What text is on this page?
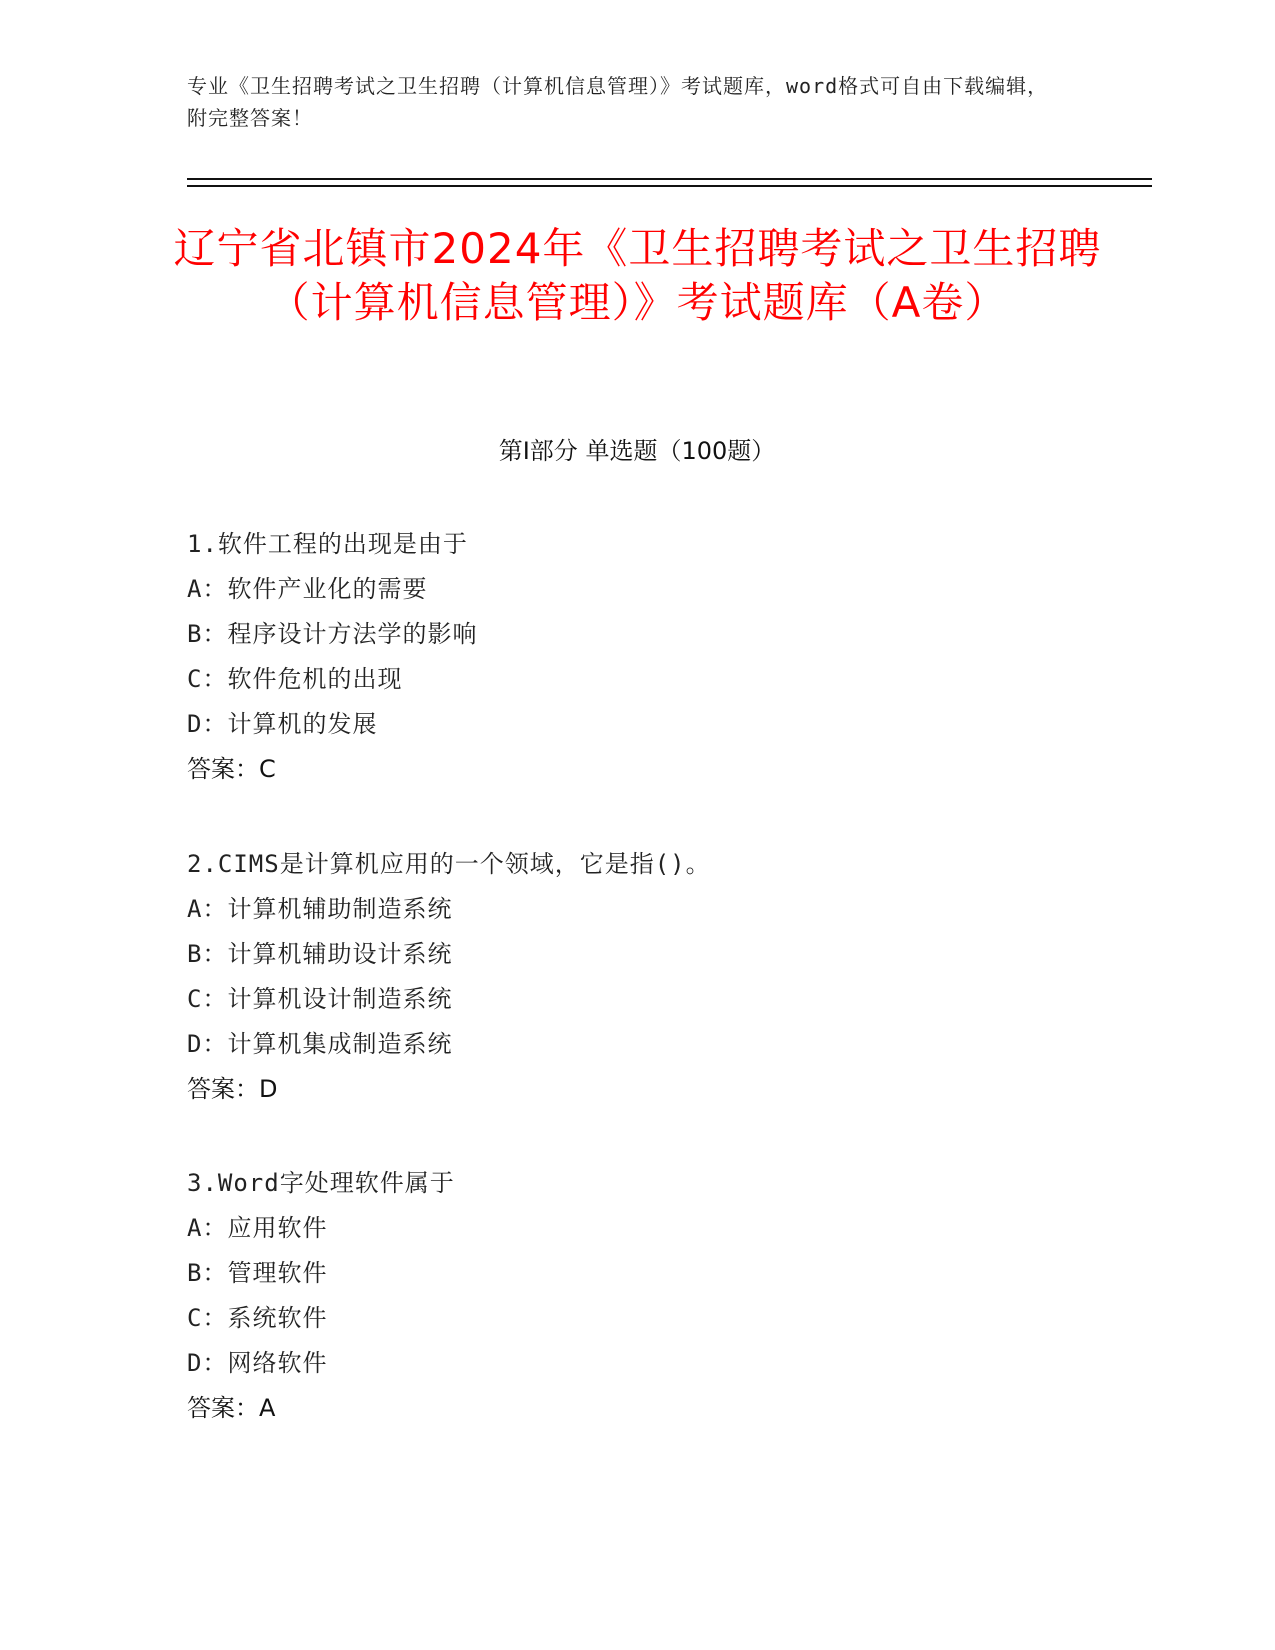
专业《卫生招聘考试之卫生招聘（计算机信息管理）》考试题库，word格式可自由下载编辑，附完整答案！
辽宁省北镇市2024年《卫生招聘考试之卫生招聘（计算机信息管理）》考试题库（A卷）
第I部分 单选题（100题）
1.软件工程的出现是由于
A：软件产业化的需要
B：程序设计方法学的影响
C：软件危机的出现
D：计算机的发展
答案：C
2.CIMS是计算机应用的一个领域，它是指()。
A：计算机辅助制造系统
B：计算机辅助设计系统
C：计算机设计制造系统
D：计算机集成制造系统
答案：D
3.Word字处理软件属于
A：应用软件
B：管理软件
C：系统软件
D：网络软件
答案：A
